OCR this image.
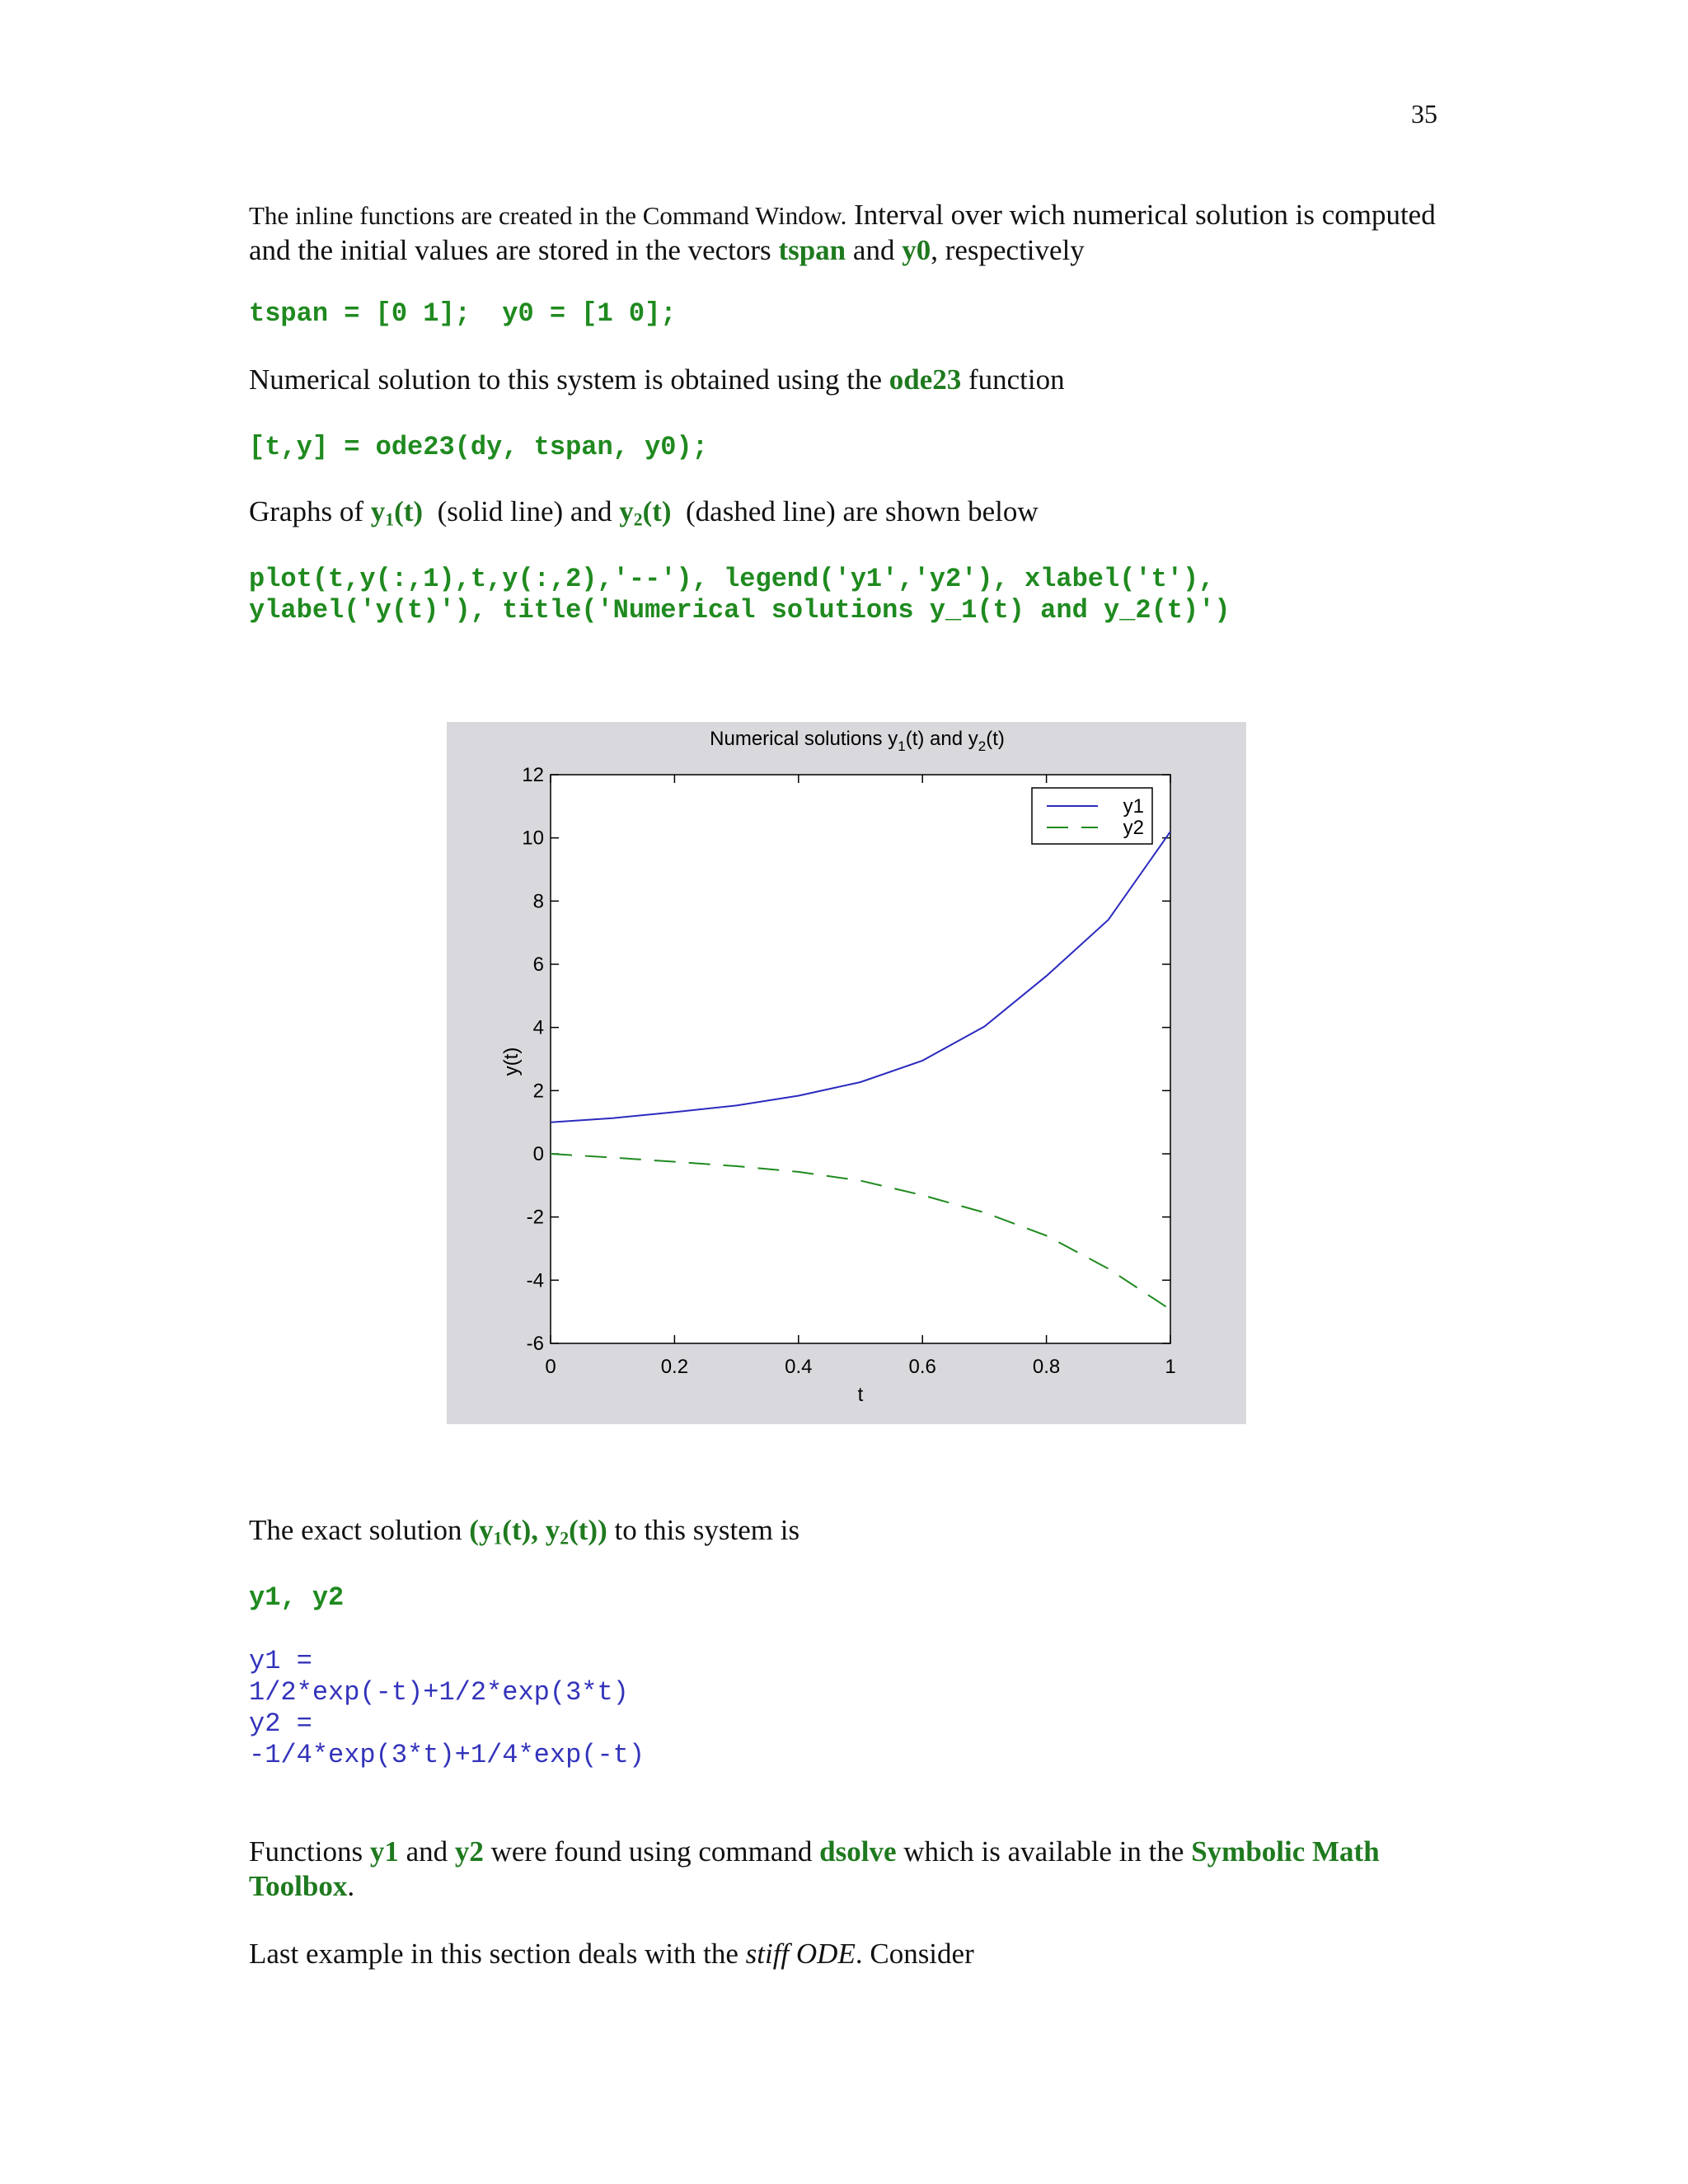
35
The inline functions are created in the Command Window. Interval over wich numerical solution is computed and the initial values are stored in the vectors tspan and y0, respectively
tspan = [0 1];  y0 = [1 0];
Numerical solution to this system is obtained using the ode23 function
[t,y] = ode23(dy, tspan, y0);
Graphs of $y_1(t)$ (solid line) and $y_2(t)$ (dashed line) are shown below
plot(t,y(:,1),t,y(:,2),'--'), legend('y1','y2'), xlabel('t'),
ylabel('y(t)'), title('Numerical solutions y_1(t) and y_2(t)')
Numerical solutions $y_1(t)$ and $y_2(t)$
0	0.2	0.4	0.6	0.8	1
-6
-4
-2
0
2
4
6
8
10
12
t
y(t)
y1
y2
The exact solution ($y_1(t)$, $y_2(t)$) to this system is
y1, y2
y1 =
1/2*exp(-t)+1/2*exp(3*t)
y2 =
-1/4*exp(3*t)+1/4*exp(-t)
Functions y1 and y2 were found using command dsolve which is available in the Symbolic Math Toolbox.
Last example in this section deals with the stiff ODE. Consider
